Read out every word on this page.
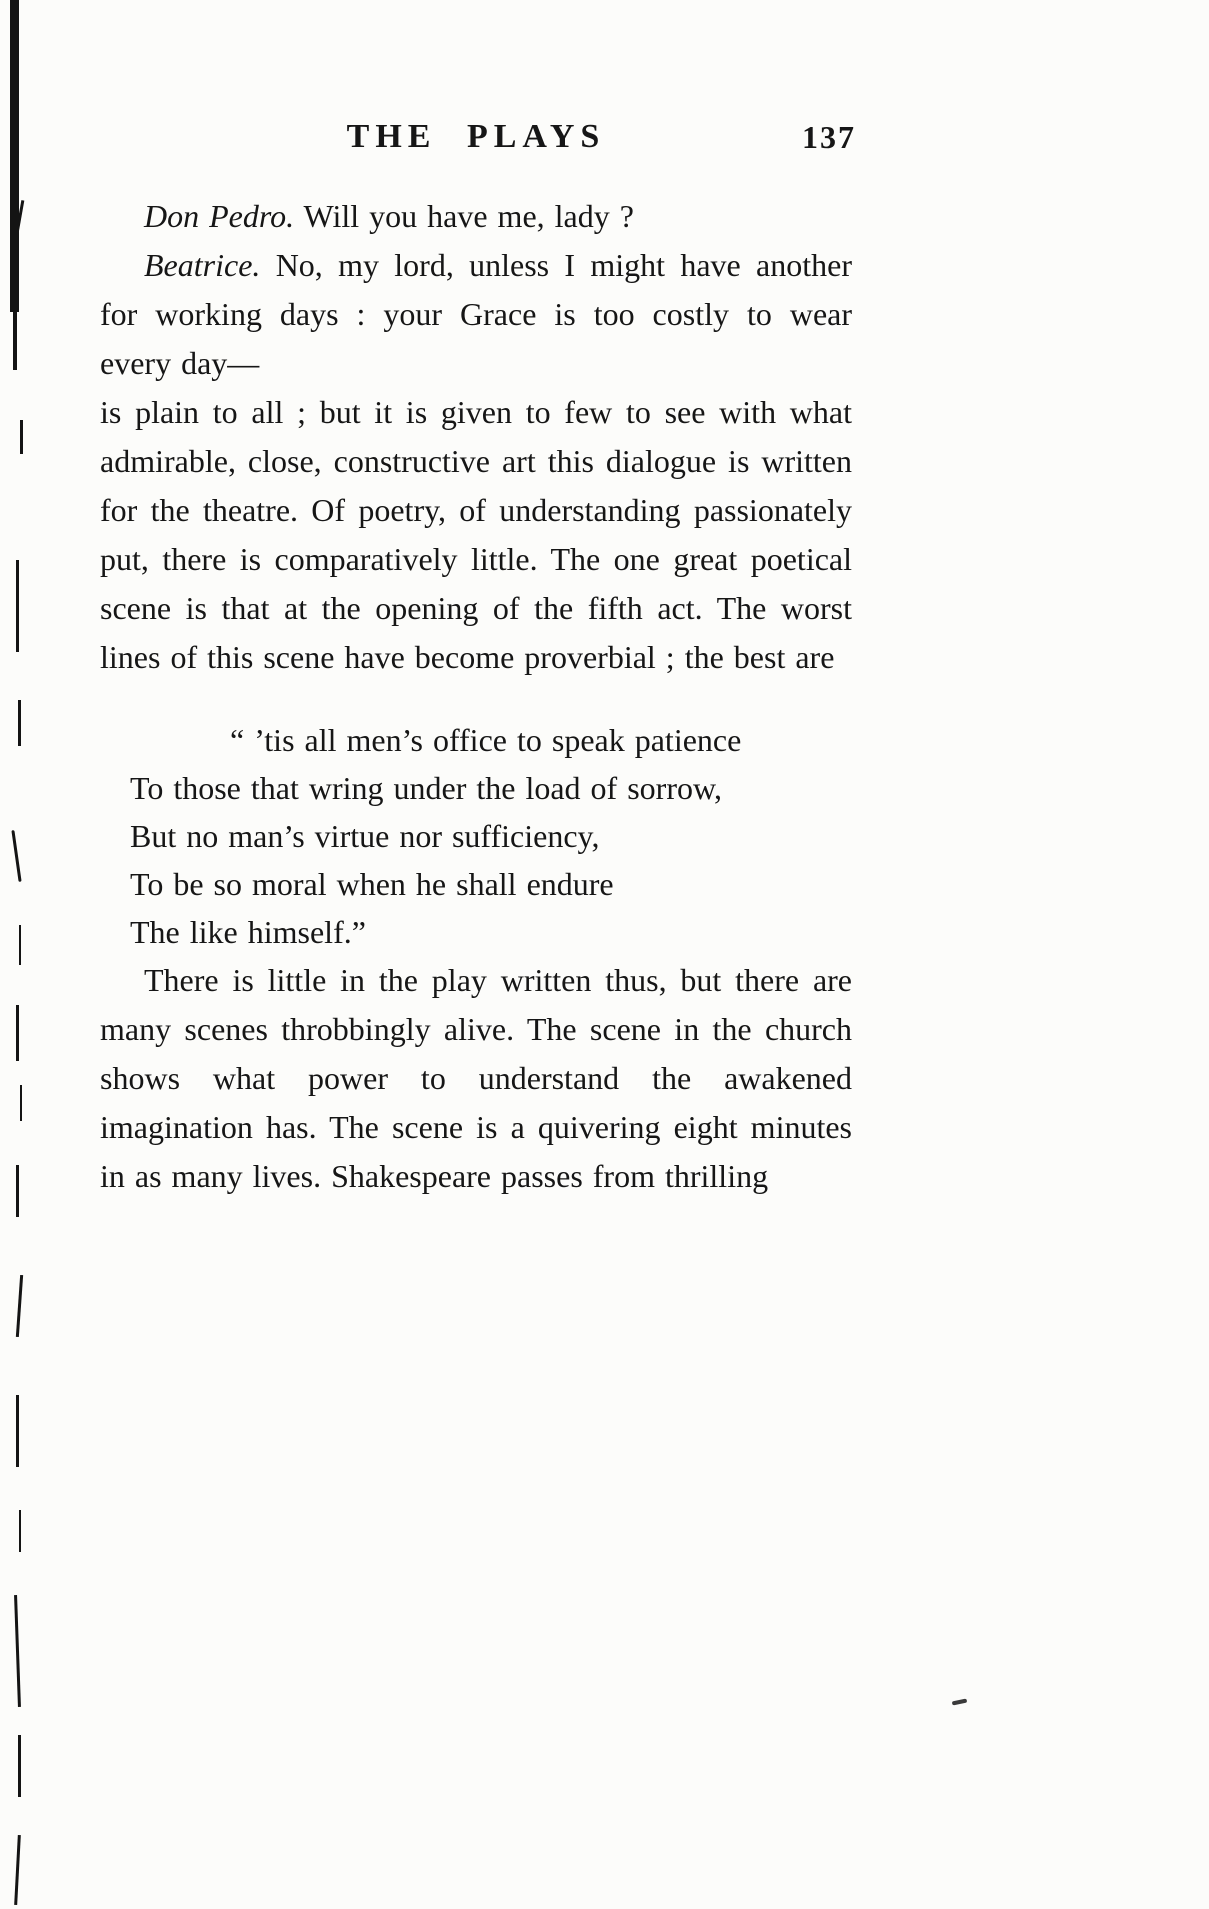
THE PLAYS	137

Don Pedro. Will you have me, lady ?

Beatrice. No, my lord, unless I might have another for working days : your Grace is too costly to wear every day—

is plain to all ; but it is given to few to see with what admirable, close, constructive art this dialogue is written for the theatre. Of poetry, of understanding passionately put, there is comparatively little. The one great poetical scene is that at the opening of the fifth act. The worst lines of this scene have become proverbial ; the best are

“ ’tis all men’s office to speak patience

To those that wring under the load of sorrow,

But no man’s virtue nor sufficiency,

To be so moral when he shall endure

The like himself.”

There is little in the play written thus, but there are many scenes throbbingly alive. The scene in the church shows what power to understand the awakened imagination has. The scene is a quivering eight minutes in as many lives. Shakespeare passes from thrilling
